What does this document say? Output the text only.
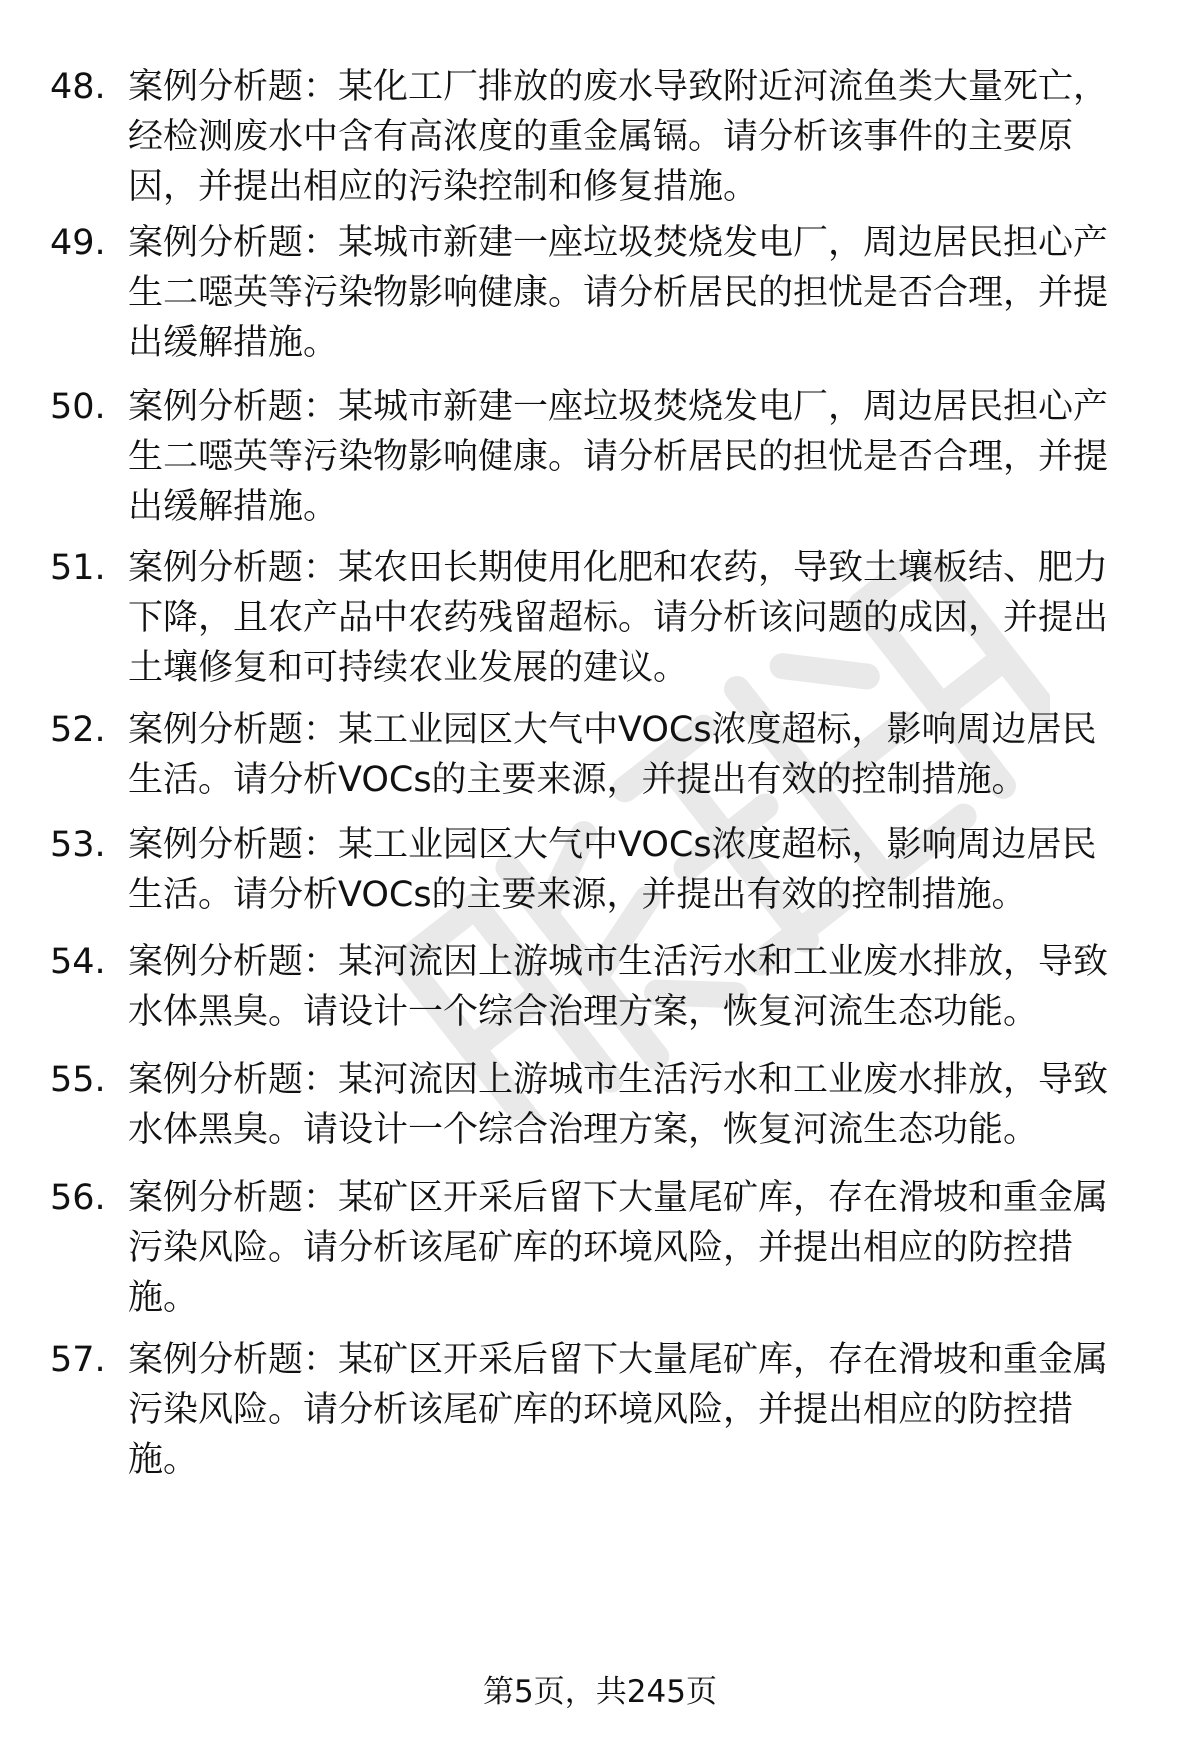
48. 案例分析题：某化工厂排放的废水导致附近河流鱼类大量死亡，
经检测废水中含有高浓度的重金属镉。请分析该事件的主要原
因，并提出相应的污染控制和修复措施。
49. 案例分析题：某城市新建一座垃圾焚烧发电厂，周边居民担心产
生二噁英等污染物影响健康。请分析居民的担忧是否合理，并提
出缓解措施。
50. 案例分析题：某城市新建一座垃圾焚烧发电厂，周边居民担心产
生二噁英等污染物影响健康。请分析居民的担忧是否合理，并提
出缓解措施。
51. 案例分析题：某农田长期使用化肥和农药，导致土壤板结、肥力
下降，且农产品中农药残留超标。请分析该问题的成因，并提出
土壤修复和可持续农业发展的建议。
52. 案例分析题：某工业园区大气中VOCs浓度超标，影响周边居民
生活。请分析VOCs的主要来源，并提出有效的控制措施。
53. 案例分析题：某工业园区大气中VOCs浓度超标，影响周边居民
生活。请分析VOCs的主要来源，并提出有效的控制措施。
54. 案例分析题：某河流因上游城市生活污水和工业废水排放，导致
水体黑臭。请设计一个综合治理方案，恢复河流生态功能。
55. 案例分析题：某河流因上游城市生活污水和工业废水排放，导致
水体黑臭。请设计一个综合治理方案，恢复河流生态功能。
56. 案例分析题：某矿区开采后留下大量尾矿库，存在滑坡和重金属
污染风险。请分析该尾矿库的环境风险，并提出相应的防控措
施。
57. 案例分析题：某矿区开采后留下大量尾矿库，存在滑坡和重金属
污染风险。请分析该尾矿库的环境风险，并提出相应的防控措
施。
第5页，共245页
